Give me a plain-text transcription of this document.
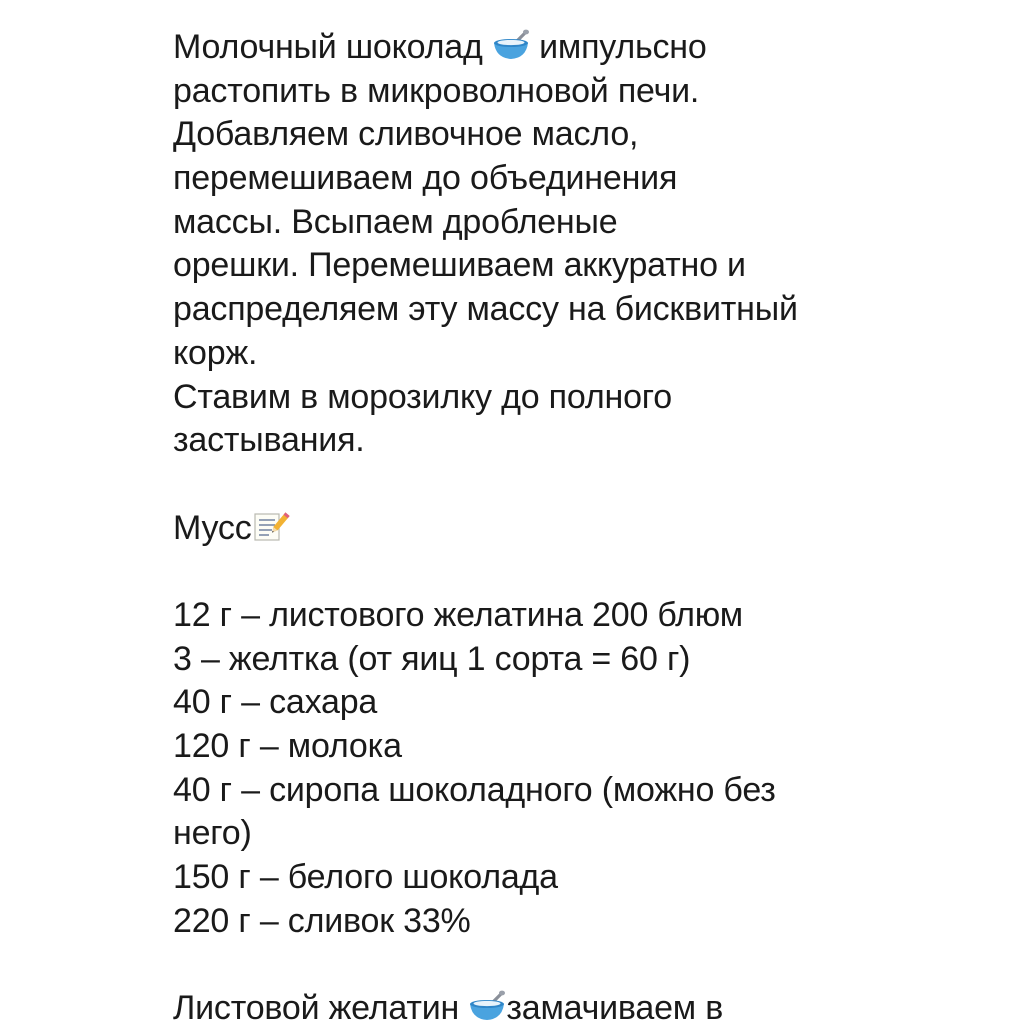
Молочный шоколад
импульсно
растопить в микроволновой печи.
Добавляем сливочное масло,
перемешиваем до объединения
массы. Всыпаем дробленые
орешки. Перемешиваем аккуратно и
распределяем эту массу на бисквитный
корж.
Ставим в морозилку до полного
застывания.
Мусс
12 г – листового желатина 200 блюм
3 – желтка (от яиц 1 сорта = 60 г)
40 г – сахара
120 г – молока
40 г – сиропа шоколадного (можно без
него)
150 г – белого шоколада
220 г – сливок 33%
Листовой желатин
замачиваем в
